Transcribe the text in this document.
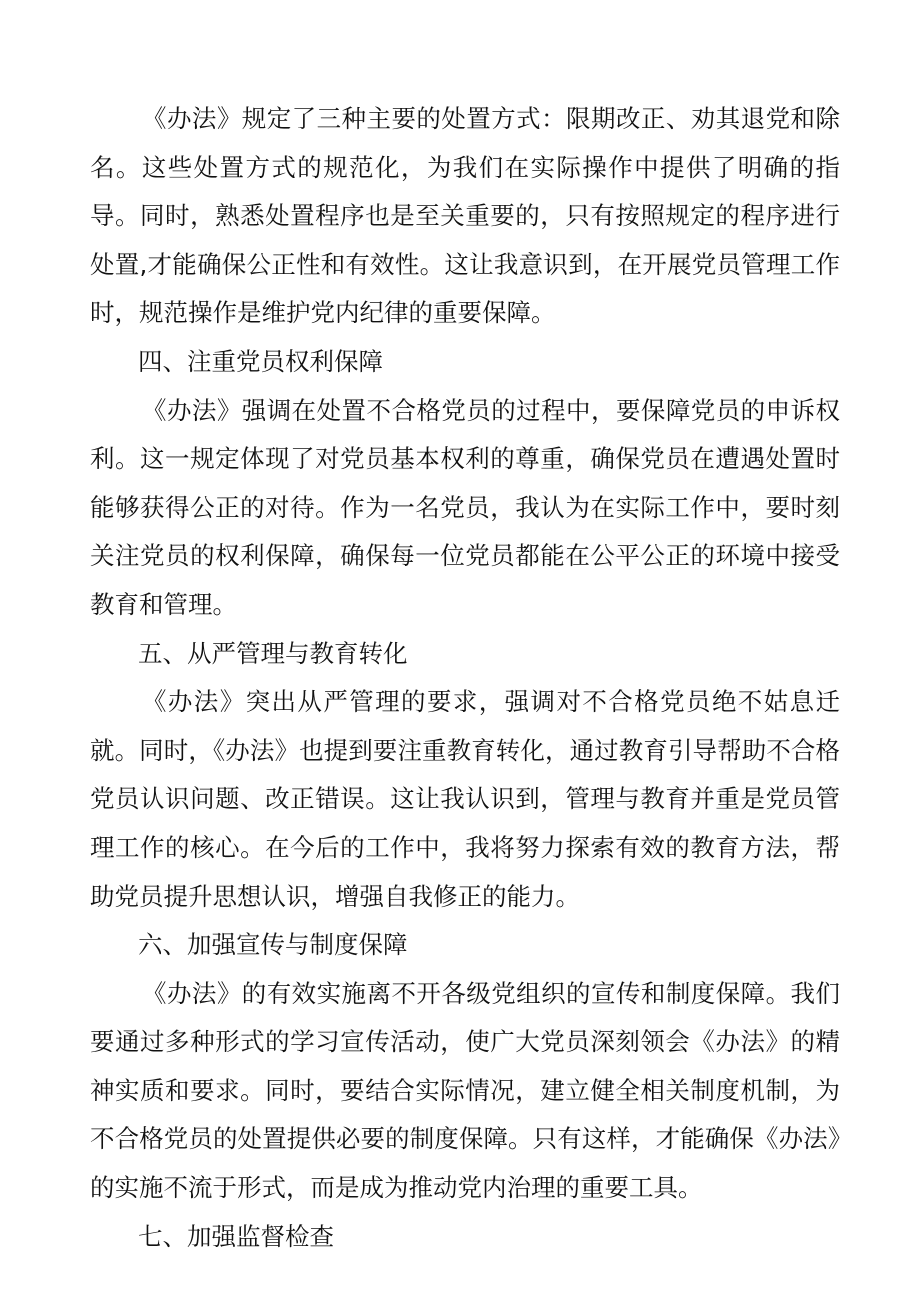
《办法》规定了三种主要的处置方式：限期改正、劝其退党和除名。这些处置方式的规范化，为我们在实际操作中提供了明确的指导。同时，熟悉处置程序也是至关重要的，只有按照规定的程序进行处置,才能确保公正性和有效性。这让我意识到，在开展党员管理工作时，规范操作是维护党内纪律的重要保障。

四、注重党员权利保障

《办法》强调在处置不合格党员的过程中，要保障党员的申诉权利。这一规定体现了对党员基本权利的尊重，确保党员在遭遇处置时能够获得公正的对待。作为一名党员，我认为在实际工作中，要时刻关注党员的权利保障，确保每一位党员都能在公平公正的环境中接受教育和管理。

五、从严管理与教育转化

《办法》突出从严管理的要求，强调对不合格党员绝不姑息迁就。同时，《办法》也提到要注重教育转化，通过教育引导帮助不合格党员认识问题、改正错误。这让我认识到，管理与教育并重是党员管理工作的核心。在今后的工作中，我将努力探索有效的教育方法，帮助党员提升思想认识，增强自我修正的能力。

六、加强宣传与制度保障

《办法》的有效实施离不开各级党组织的宣传和制度保障。我们要通过多种形式的学习宣传活动，使广大党员深刻领会《办法》的精神实质和要求。同时，要结合实际情况，建立健全相关制度机制，为不合格党员的处置提供必要的制度保障。只有这样，才能确保《办法》的实施不流于形式，而是成为推动党内治理的重要工具。

七、加强监督检查
